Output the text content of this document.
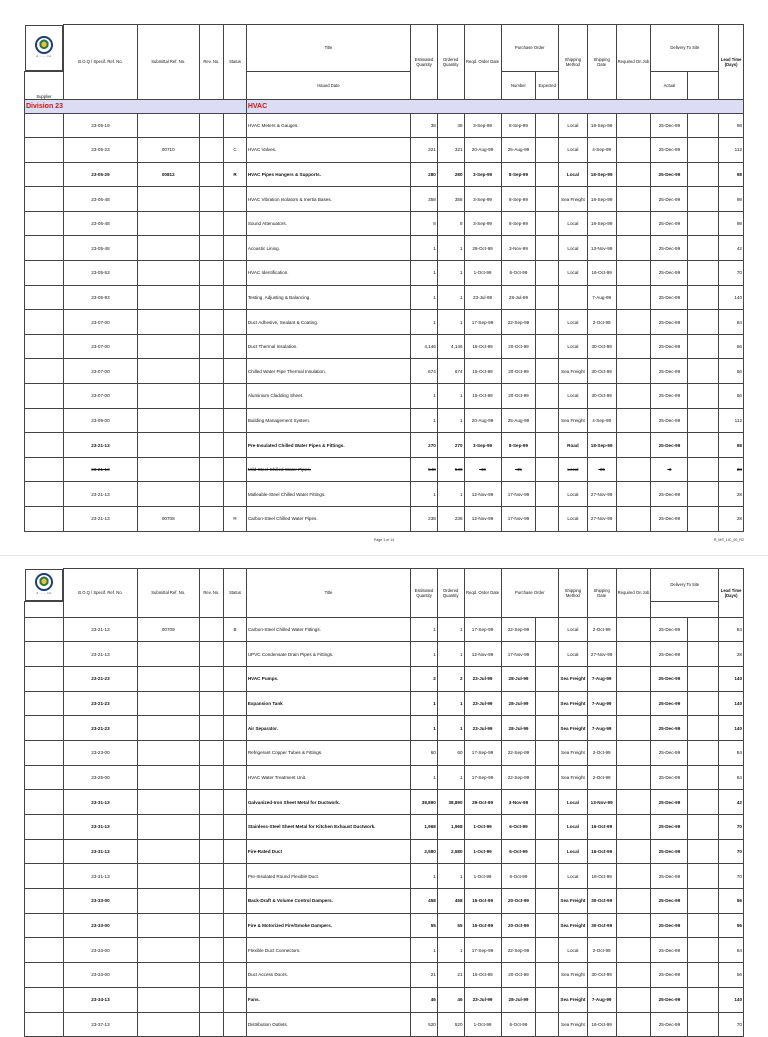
A ......... Inc
B.O.Q / Specif. Ref. No.	Submittal Ref. No.	Rev. No.	Status	Title	Estimated Quantity	Ordered Quantity	Reqd. Order Date	Purchase Order		Shipping Method	Shipping Date	Required On Job	Delivery To Site		Lead Time (Days)
Supplier					Issued Date				Number	Expected				Actual		
Division 23					HVAC											
	23-05-19				HVAC Meters & Gauges.	38	38	3-Sep-99	8-Sep-99		Local	18-Sep-99		25-Dec-99		98
	23-05-23	00710		C	HVAC Valves.	321	321	20-Aug-99	25-Aug-99		Local	4-Sep-99		25-Dec-99		112
	23-05-29	00812		R	HVAC Pipes Hangers & Supports.	280	280	3-Sep-99	8-Sep-99		Local	18-Sep-99		25-Dec-99		98
	23-05-48				HVAC Vibration Isolators & Inertia Bases.	358	358	3-Sep-99	8-Sep-99		Sea Freight	18-Sep-99		25-Dec-99		98
	23-05-48				Sound Attenuators.	8	8	3-Sep-99	8-Sep-99		Local	18-Sep-99		25-Dec-99		98
	23-05-48				Acoustic Lining.	1	1	29-Oct-99	3-Nov-99		Local	13-Nov-99		25-Dec-99		42
	23-05-53				HVAC Identification.	1	1	1-Oct-99	6-Oct-99		Local	16-Oct-99		25-Dec-99		70
	23-05-93				Testing, Adjusting & Balancing.	1	1	23-Jul-99	28-Jul-99			7-Aug-99		25-Dec-99		140
	23-07-00				Duct Adhesive, Sealant & Coating.	1	1	17-Sep-99	22-Sep-99		Local	2-Oct-99		25-Dec-99		84
	23-07-00				Duct Thermal Insulation.	4,146	4,146	15-Oct-99	20-Oct-99		Local	30-Oct-99		25-Dec-99		56
	23-07-00				Chilled Water Pipe Thermal Insulation.	674	674	15-Oct-99	20-Oct-99		Sea Freight	30-Oct-99		25-Dec-99		56
	23-07-00				Aluminium Cladding Sheet.	1	1	15-Oct-99	20-Oct-99		Local	30-Oct-99		25-Dec-99		56
	23-09-00				Building Management System.	1	1	20-Aug-99	25-Aug-99		Sea Freight	4-Sep-99		25-Dec-99		112
	23-21-13				Pre-Insulated Chilled Water Pipes & Fittings.	270	270	3-Sep-99	8-Sep-99		Road	18-Sep-99		25-Dec-99		98
	23-21-13				Mild-Steel Chilled Water Pipes.	540	540	-40	-45		Local	-35		-3		28
	23-21-13				Malleable-Steel Chilled Water Fittings.	1	1	12-Nov-99	17-Nov-99		Local	27-Nov-99		25-Dec-99		28
	23-21-13	00708		R	Carbon-Steel Chilled Water Pipes.	238	238	12-Nov-99	17-Nov-99		Local	27-Nov-99		25-Dec-99		28
Page 1 of 14	R_MS_LIC_00_R2
A ......... Inc	B.O.Q / Specif. Ref. No.	Submittal Ref. No.	Rev. No.	Status	Title	Estimated Quantity	Ordered Quantity	Reqd. Order Date	Purchase Order		Shipping Method	Shipping Date	Required On Job	Delivery To Site		Lead Time (Days)

	23-21-13	00709		B	Carbon-Steel Chilled Water Fittings.	1	1	17-Sep-99	22-Sep-99		Local	2-Oct-99		25-Dec-99		84
	23-21-13				UPVC Condensate Drain Pipes & Fittings.	1	1	12-Nov-99	17-Nov-99		Local	27-Nov-99		25-Dec-99		28
	23-21-23				HVAC Pumps.	2	2	23-Jul-99	28-Jul-99		Sea Freight	7-Aug-99		25-Dec-99		140
	23-21-23				Expansion Tank	1	1	23-Jul-99	28-Jul-99		Sea Freight	7-Aug-99		25-Dec-99		140
	23-21-23				Air Separator.	1	1	23-Jul-99	28-Jul-99		Sea Freight	7-Aug-99		25-Dec-99		140
	23-23-00				Refrigerant Copper Tubes & Fittings.	60	60	17-Sep-99	22-Sep-99		Sea Freight	2-Oct-99		25-Dec-99		84
	23-25-00				HVAC Water Treatment Unit.	1	1	17-Sep-99	22-Sep-99		Sea Freight	2-Oct-99		25-Dec-99		84
	23-31-13				Galvanized-Iron Sheet Metal for Ductwork.	38,890	38,890	29-Oct-99	3-Nov-99		Local	13-Nov-99		25-Dec-99		42
	23-31-13				Stainless-Steel Sheet Metal for Kitchen Exhaust Ductwork.	1,968	1,968	1-Oct-99	6-Oct-99		Local	16-Oct-99		25-Dec-99		70
	23-31-13				Fire-Rated Duct	2,580	2,580	1-Oct-99	6-Oct-99		Local	16-Oct-99		25-Dec-99		70
	23-31-13				Pre-Insulated Round Flexible Duct.	1	1	1-Oct-99	6-Oct-99		Local	16-Oct-99		25-Dec-99		70
	23-33-00				Back-Draft & Volume Control Dampers.	458	458	15-Oct-99	20-Oct-99		Sea Freight	30-Oct-99		25-Dec-99		56
	23-33-00				Fire & Motorized Fire/Smoke Dampers.	55	55	15-Oct-99	20-Oct-99		Sea Freight	30-Oct-99		25-Dec-99		56
	23-33-00				Flexible Duct Connectors.	1	1	17-Sep-99	22-Sep-99		Local	2-Oct-99		25-Dec-99		84
	23-33-00				Duct Access Doors.	21	21	15-Oct-99	20-Oct-99		Sea Freight	30-Oct-99		25-Dec-99		56
	23-34-13				Fans.	46	46	23-Jul-99	28-Jul-99		Sea Freight	7-Aug-99		25-Dec-99		140
	23-37-13				Distribution Outlets.	520	520	1-Oct-99	6-Oct-99		Sea Freight	16-Oct-99		25-Dec-99		70
